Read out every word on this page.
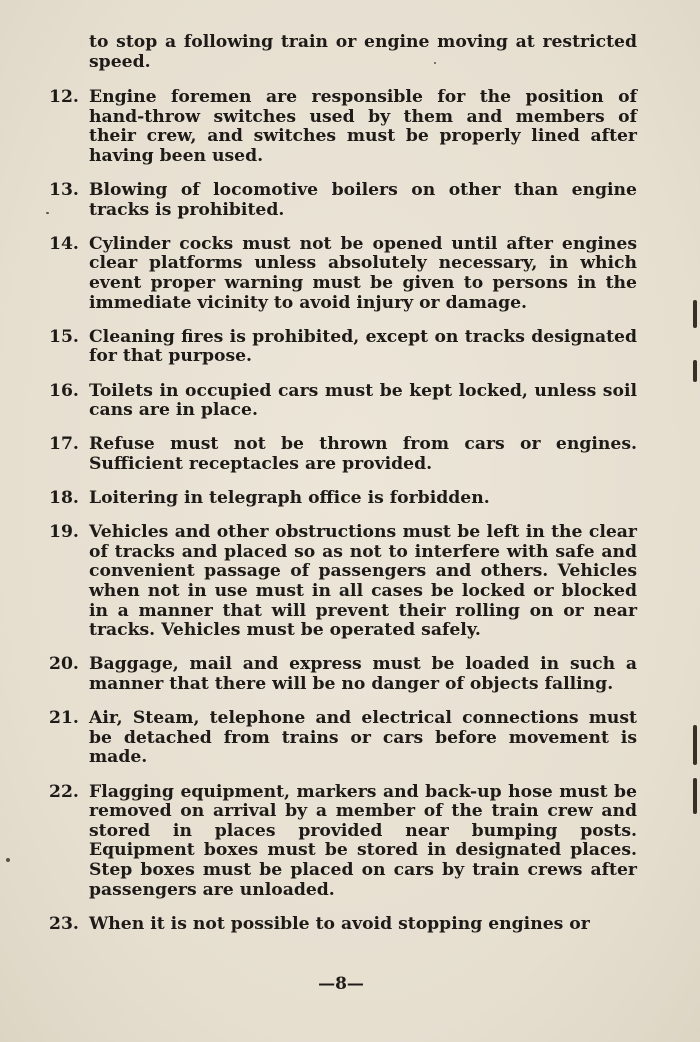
to stop a following train or engine moving at restricted speed.
12. Engine foremen are responsible for the position of hand-throw switches used by them and members of their crew, and switches must be properly lined after having been used.
13. Blowing of locomotive boilers on other than engine tracks is prohibited.
14. Cylinder cocks must not be opened until after engines clear platforms unless absolutely necessary, in which event proper warning must be given to persons in the immediate vicinity to avoid injury or damage.
15. Cleaning fires is prohibited, except on tracks designated for that purpose.
16. Toilets in occupied cars must be kept locked, unless soil cans are in place.
17. Refuse must not be thrown from cars or engines. Sufficient receptacles are provided.
18. Loitering in telegraph office is forbidden.
19. Vehicles and other obstructions must be left in the clear of tracks and placed so as not to interfere with safe and convenient passage of passengers and others. Vehicles when not in use must in all cases be locked or blocked in a manner that will prevent their rolling on or near tracks. Vehicles must be operated safely.
20. Baggage, mail and express must be loaded in such a manner that there will be no danger of objects falling.
21. Air, Steam, telephone and electrical connections must be detached from trains or cars before movement is made.
22. Flagging equipment, markers and back-up hose must be removed on arrival by a member of the train crew and stored in places provided near bumping posts. Equipment boxes must be stored in designated places. Step boxes must be placed on cars by train crews after passengers are unloaded.
23. When it is not possible to avoid stopping engines or
—8—
